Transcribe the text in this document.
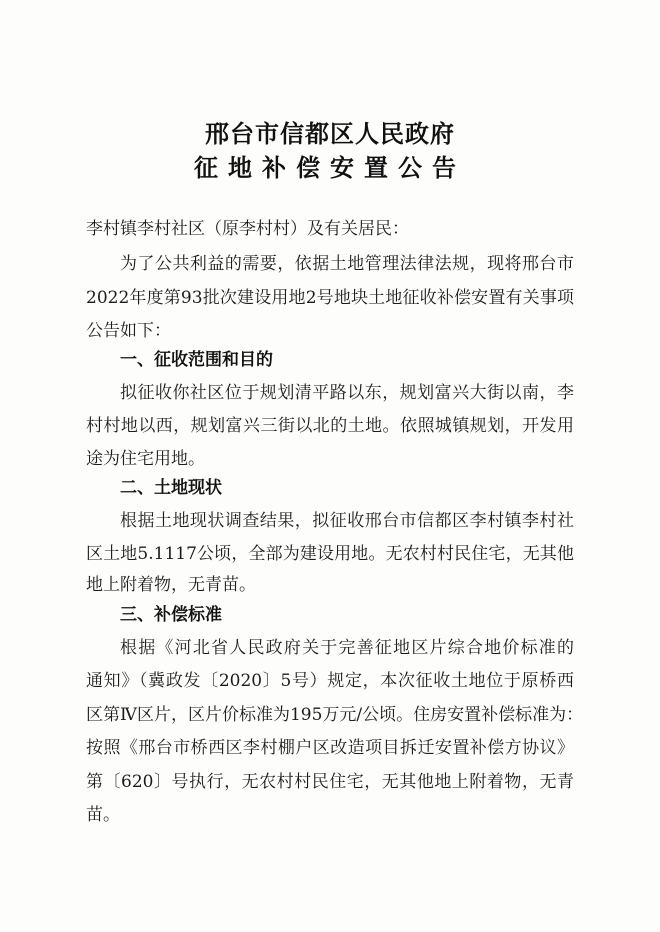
邢台市信都区人民政府
征地补偿安置公告
李村镇李村社区（原李村村）及有关居民：
为了公共利益的需要，依据土地管理法律法规，现将邢台市
2022年度第93批次建设用地2号地块土地征收补偿安置有关事项
公告如下：
一、征收范围和目的
拟征收你社区位于规划清平路以东，规划富兴大街以南，李
村村地以西，规划富兴三街以北的土地。依照城镇规划，开发用
途为住宅用地。
二、土地现状
根据土地现状调查结果，拟征收邢台市信都区李村镇李村社
区土地5.1117公顷，全部为建设用地。无农村村民住宅，无其他
地上附着物，无青苗。
三、补偿标准
根据《河北省人民政府关于完善征地区片综合地价标准的
通知》（冀政发〔2020〕5号）规定，本次征收土地位于原桥西
区第Ⅳ区片，区片价标准为195万元/公顷。住房安置补偿标准为：
按照《邢台市桥西区李村棚户区改造项目拆迁安置补偿方协议》
第〔620〕号执行，无农村村民住宅，无其他地上附着物，无青
苗。
